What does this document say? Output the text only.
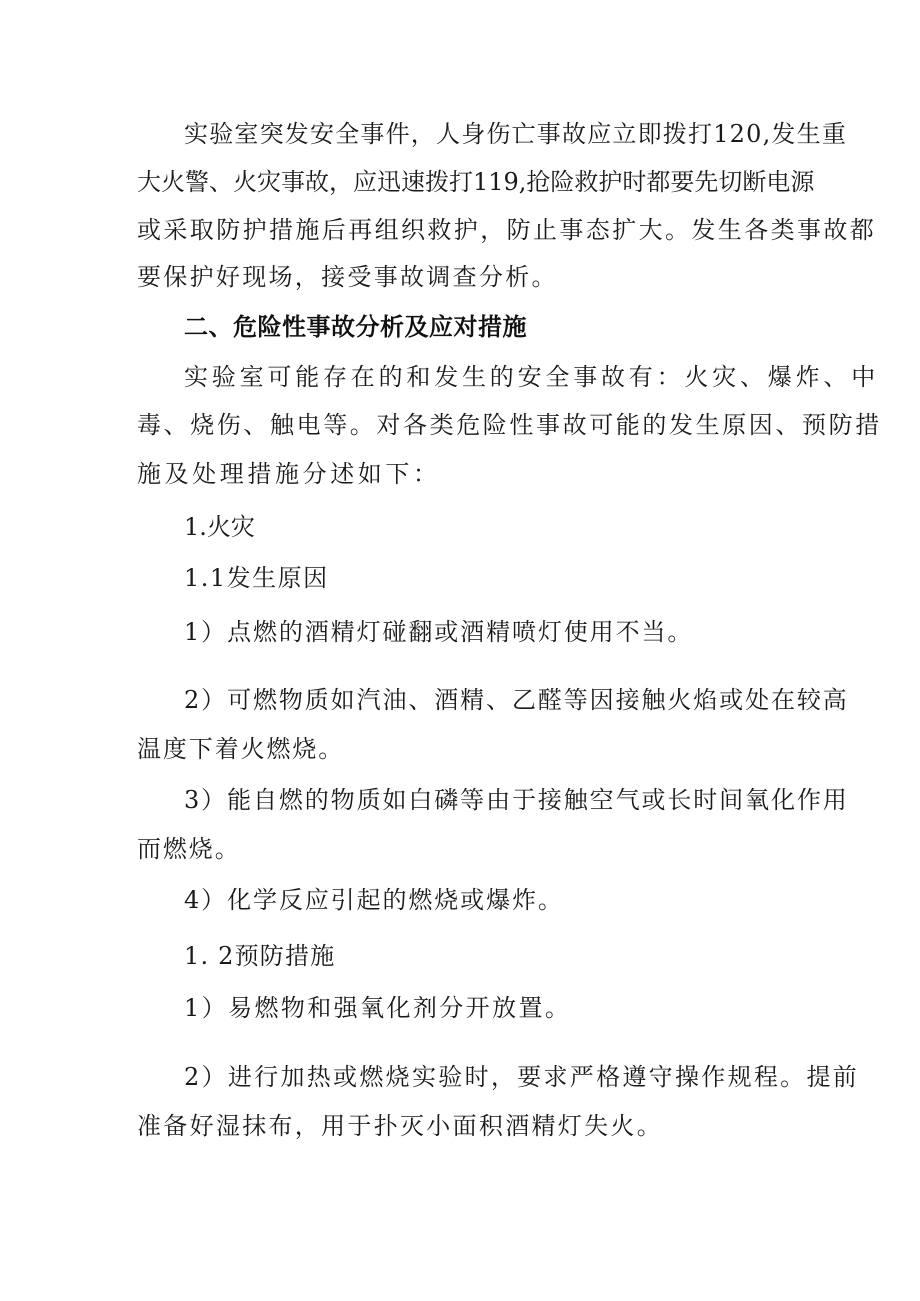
实验室突发安全事件，人身伤亡事故应立即拨打120,发生重

大火警、火灾事故，应迅速拨打119,抢险救护时都要先切断电源

或采取防护措施后再组织救护，防止事态扩大。发生各类事故都

要保护好现场，接受事故调查分析。

二、危险性事故分析及应对措施

实验室可能存在的和发生的安全事故有：火灾、爆炸、中

毒、烧伤、触电等。对各类危险性事故可能的发生原因、预防措

施及处理措施分述如下：

1.火灾

1.1发生原因

1）点燃的酒精灯碰翻或酒精喷灯使用不当。

2）可燃物质如汽油、酒精、乙醛等因接触火焰或处在较高

温度下着火燃烧。

3）能自燃的物质如白磷等由于接触空气或长时间氧化作用

而燃烧。

4）化学反应引起的燃烧或爆炸。

1. 2预防措施

1）易燃物和强氧化剂分开放置。

2）进行加热或燃烧实验时，要求严格遵守操作规程。提前

准备好湿抹布，用于扑灭小面积酒精灯失火。
